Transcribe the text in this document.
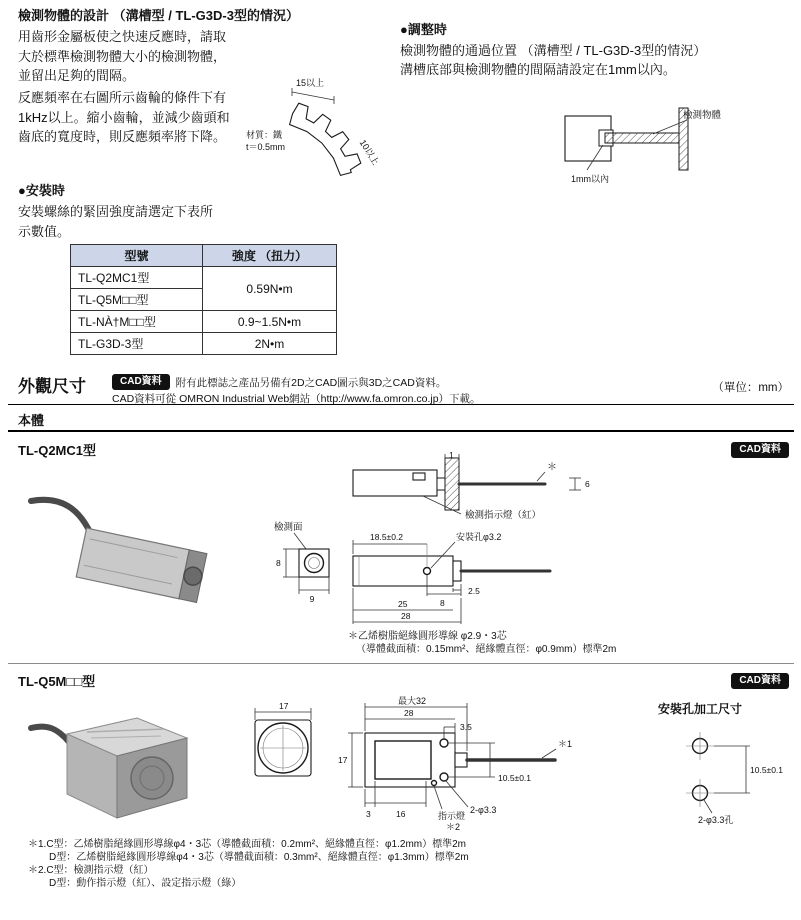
檢測物體的設計 （溝槽型 / TL-G3D-3型的情況）
用齒形金屬板使之快速反應時，請取大於標準檢測物體大小的檢測物體，並留出足夠的間隔。
反應頻率在右圖所示齒輪的條件下有1kHz以上。縮小齒輪，並減少齒頭和齒底的寬度時，則反應頻率將下降。
15以上
10以上
材質：鐵
t＝0.5mm
●調整時
檢測物體的通過位置 （溝槽型 / TL-G3D-3型的情況）
溝槽底部與檢測物體的間隔請設定在1mm以內。
檢測物體
1mm以內
●安裝時
安裝螺絲的緊固強度請選定下表所示數值。
型號	強度 （扭力）
TL-Q2MC1型	0.59N•m
TL-Q5M□□型	
TL-NÀ†M□□型	0.9~1.5N•m
TL-G3D-3型	2N•m
外觀尺寸	CAD資料	附有此標誌之產品另備有2D之CAD圖示與3D之CAD資料。
CAD資料可從 OMRON Industrial Web網站（http://www.fa.omron.co.jp）下載。
（單位：mm）
本體
TL-Q2MC1型	CAD資料
檢測面
8
9
1
＊
6
檢測指示燈（紅）
18.5±0.2	安裝孔φ3.2
8
2.5
25
28
＊乙烯樹脂絕緣圓形導線 φ2.9・3芯
（導體截面積：0.15mm²、絕緣體直徑：φ0.9mm）標準2m
TL-Q5M□□型	CAD資料
17	最大32
28
3.5
＊1
10.5±0.1
2-φ3.3
17
3	16	指示燈
＊2
安裝孔加工尺寸
10.5±0.1
2-φ3.3孔
＊1.C型：乙烯樹脂絕緣圓形導線φ4・3芯（導體截面積：0.2mm²、絕緣體直徑：φ1.2mm）標準2m
D型：乙烯樹脂絕緣圓形導線φ4・3芯（導體截面積：0.3mm²、絕緣體直徑：φ1.3mm）標準2m
＊2.C型：檢測指示燈（紅）
D型：動作指示燈（紅）、設定指示燈（綠）
